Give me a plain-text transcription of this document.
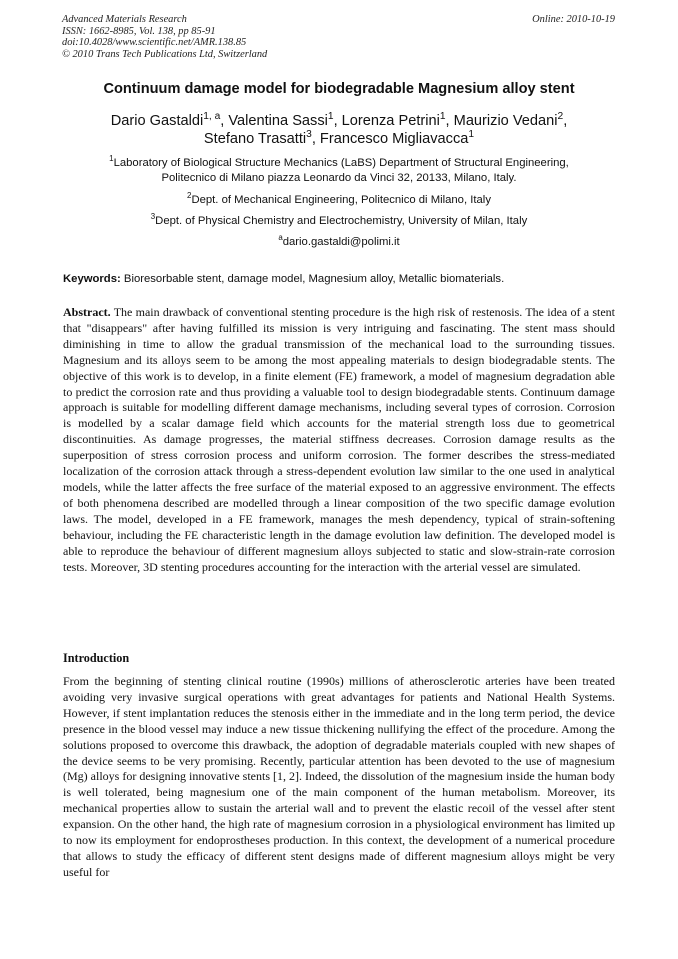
Advanced Materials Research
ISSN: 1662-8985, Vol. 138, pp 85-91
doi:10.4028/www.scientific.net/AMR.138.85
© 2010 Trans Tech Publications Ltd, Switzerland
Online: 2010-10-19
Continuum damage model for biodegradable Magnesium alloy stent
Dario Gastaldi$^{1, a}$, Valentina Sassi$^1$, Lorenza Petrini$^1$, Maurizio Vedani$^2$,
Stefano Trasatti$^3$, Francesco Migliavacca$^1$
$^1$Laboratory of Biological Structure Mechanics (LaBS) Department of Structural Engineering,
Politecnico di Milano piazza Leonardo da Vinci 32, 20133, Milano, Italy.
$^2$Dept. of Mechanical Engineering, Politecnico di Milano, Italy
$^3$Dept. of Physical Chemistry and Electrochemistry, University of Milan, Italy
$^a$dario.gastaldi@polimi.it
Keywords: Bioresorbable stent, damage model, Magnesium alloy, Metallic biomaterials.
Abstract. The main drawback of conventional stenting procedure is the high risk of restenosis. The idea of a stent that "disappears" after having fulfilled its mission is very intriguing and fascinating. The stent mass should diminishing in time to allow the gradual transmission of the mechanical load to the surrounding tissues. Magnesium and its alloys seem to be among the most appealing materials to design biodegradable stents. The objective of this work is to develop, in a finite element (FE) framework, a model of magnesium degradation able to predict the corrosion rate and thus providing a valuable tool to design biodegradable stents. Continuum damage approach is suitable for modelling different damage mechanisms, including several types of corrosion. Corrosion is modelled by a scalar damage field which accounts for the material strength loss due to geometrical discontinuities. As damage progresses, the material stiffness decreases. Corrosion damage results as the superposition of stress corrosion process and uniform corrosion. The former describes the stress-mediated localization of the corrosion attack through a stress-dependent evolution law similar to the one used in analytical models, while the latter affects the free surface of the material exposed to an aggressive environment. The effects of both phenomena described are modelled through a linear composition of the two specific damage evolution laws. The model, developed in a FE framework, manages the mesh dependency, typical of strain-softening behaviour, including the FE characteristic length in the damage evolution law definition. The developed model is able to reproduce the behaviour of different magnesium alloys subjected to static and slow-strain-rate corrosion tests. Moreover, 3D stenting procedures accounting for the interaction with the arterial vessel are simulated.
Introduction
From the beginning of stenting clinical routine (1990s) millions of atherosclerotic arteries have been treated avoiding very invasive surgical operations with great advantages for patients and National Health Systems. However, if stent implantation reduces the stenosis either in the immediate and in the long term period, the device presence in the blood vessel may induce a new tissue thickening nullifying the effect of the procedure. Among the solutions proposed to overcome this drawback, the adoption of degradable materials coupled with new shapes of the device seems to be very promising. Recently, particular attention has been devoted to the use of magnesium (Mg) alloys for designing innovative stents [1, 2]. Indeed, the dissolution of the magnesium inside the human body is well tolerated, being magnesium one of the main component of the human metabolism. Moreover, its mechanical properties allow to sustain the arterial wall and to prevent the elastic recoil of the vessel after stent expansion. On the other hand, the high rate of magnesium corrosion in a physiological environment has limited up to now its employment for endoprostheses production. In this context, the development of a numerical procedure that allows to study the efficacy of different stent designs made of different magnesium alloys might be very useful for
